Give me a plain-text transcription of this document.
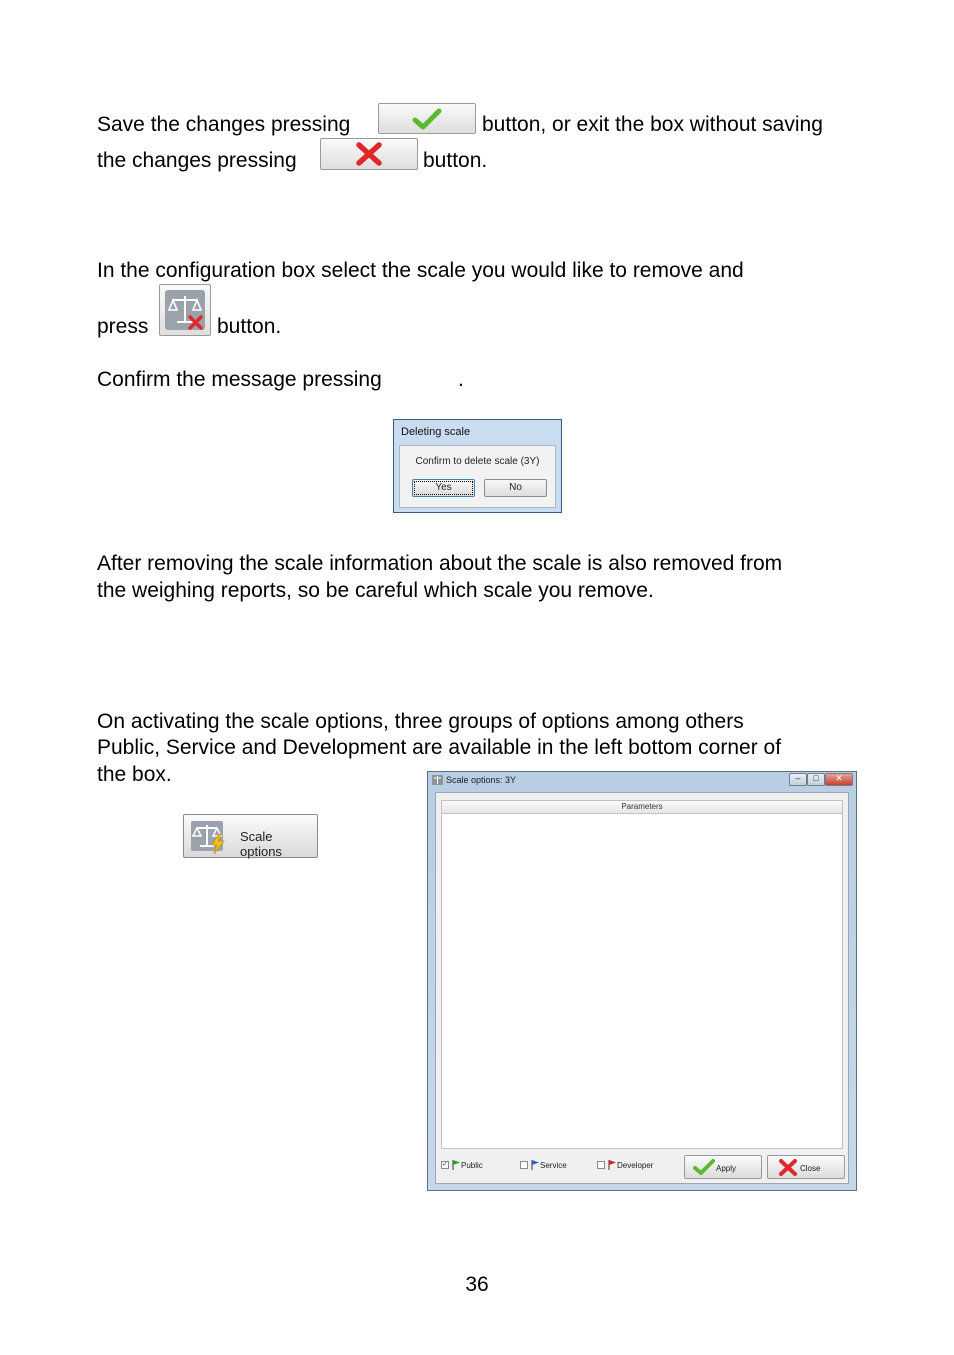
Save the changes pressing	button, or exit the box without saving
the changes pressing	button.
In the configuration box select the scale you would like to remove and
press	button.
Confirm the message pressing	.
Deleting scale
Confirm to delete scale (3Y)
Yes	No
After removing the scale information about the scale is also removed from
the weighing reports, so be careful which scale you remove.
On activating the scale options, three groups of options among others
Public, Service and Development are available in the left bottom corner of
the box.
Scale options
Scale options: 3Y	–	□	✕
Parameters
✓ Public	Service	Developer	Apply	Close
36
